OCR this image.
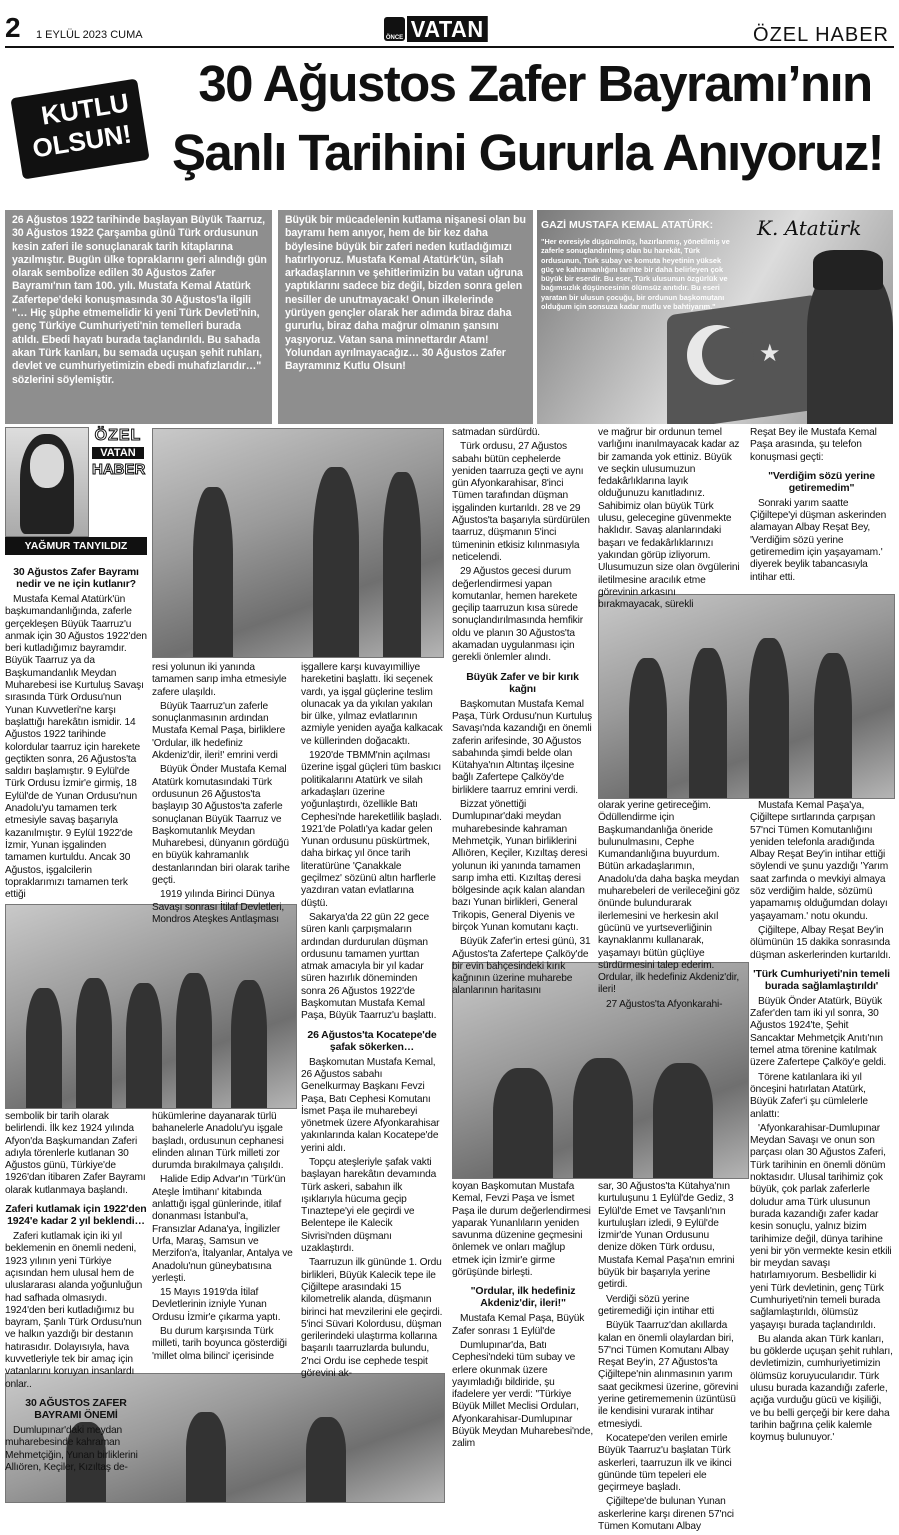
2 1 EYLÜL 2023 CUMA	ÖNCE VATAN	ÖZEL HABER
KUTLU
OLSUN!
30 Ağustos Zafer Bayramı’nın
Şanlı Tarihini Gururla Anıyoruz!
26 Ağustos 1922 tarihinde başlayan Büyük Taarruz, 30 Ağustos 1922 Çarşamba günü Türk ordusunun kesin zaferi ile sonuçlanarak tarih kitaplarına yazılmıştır. Bugün ülke topraklarını geri alındığı gün olarak sembolize edilen 30 Ağustos Zafer Bayramı'nın tam 100. yılı. Mustafa Kemal Atatürk Zafertepe'deki konuşmasında 30 Ağustos'la ilgili "… Hiç şüphe etmemelidir ki yeni Türk Devleti'nin, genç Türkiye Cumhuriyeti'nin temelleri burada atıldı. Ebedi hayatı burada taçlandırıldı. Bu sahada akan Türk kanları, bu semada uçuşan şehit ruhları, devlet ve cumhuriyetimizin ebedi muhafızlarıdır…" sözlerini söylemiştir.
Büyük bir mücadelenin kutlama nişanesi olan bu bayramı hem anıyor, hem de bir kez daha böylesine büyük bir zaferi neden kutladığımızı hatırlıyoruz. Mustafa Kemal Atatürk'ün, silah arkadaşlarının ve şehitlerimizin bu vatan uğruna yaptıklarını sadece biz değil, bizden sonra gelen nesiller de unutmayacak! Onun ilkelerinde yürüyen gençler olarak her adımda biraz daha gururlu, biraz daha mağrur olmanın şansını yaşıyoruz. Vatan sana minnettardır Atam! Yolundan ayrılmayacağız… 30 Ağustos Zafer Bayramınız Kutlu Olsun!
GAZİ MUSTAFA KEMAL ATATÜRK: K. Atatürk
"Her evresiyle düşünülmüş, hazırlanmış, yönetilmiş ve zaferle sonuçlandırılmış olan bu harekât, Türk ordusunun, Türk subay ve komuta heyetinin yüksek güç ve kahramanlığını tarihte bir daha belirleyen çok büyük bir eserdir. Bu eser, Türk ulusunun özgürlük ve bağımsızlık düşüncesinin ölümsüz anıtıdır. Bu eseri yaratan bir ulusun çocuğu, bir ordunun başkomutanı olduğum için sonsuza kadar mutlu ve bahtiyarım."
★
ÖZEL
VATAN
HABER
YAĞMUR TANYILDIZ
30 Ağustos Zafer Bayramı nedir ve ne için kutlanır?

Mustafa Kemal Atatürk'ün başkumandanlığında, zaferle gerçekleşen Büyük Taarruz'u anmak için 30 Ağustos 1922'den beri kutladığımız bayramdır. Büyük Taarruz ya da Başkumandanlık Meydan Muharebesi ise Kurtuluş Savaşı sırasında Türk Ordusu'nun Yunan Kuvvetleri'ne karşı başlattığı harekâtın ismidir. 14 Ağustos 1922 tarihinde kolordular taarruz için harekete geçtikten sonra, 26 Ağustos'ta saldırı başlamıştır. 9 Eylül'de Türk Ordusu İzmir'e girmiş, 18 Eylül'de de Yunan Ordusu'nun Anadolu'yu tamamen terk etmesiyle savaş başarıyla kazanılmıştır. 9 Eylül 1922'de İzmir, Yunan işgalinden tamamen kurtuldu. Ancak 30 Ağustos, işgalcilerin topraklarımızı tamamen terk ettiği

sembolik bir tarih olarak belirlendi. İlk kez 1924 yılında Afyon'da Başkumandan Zaferi adıyla törenlerle kutlanan 30 Ağustos günü, Türkiye'de 1926'dan itibaren Zafer Bayramı olarak kutlanmaya başlandı.

Zaferi kutlamak için 1922'den 1924'e kadar 2 yıl beklendi…

Zaferi kutlamak için iki yıl beklemenin en önemli nedeni, 1923 yılının yeni Türkiye açısından hem ulusal hem de uluslararası alanda yoğunluğun had safhada olmasıydı. 1924'den beri kutladığımız bu bayram, Şanlı Türk Ordusu'nun ve halkın yazdığı bir destanın hatırasıdır. Dolayısıyla, hava kuvvetleriyle tek bir amaç için vatanlarını koruyan insanlardı onlar..

30 AĞUSTOS ZAFER BAYRAMI ÖNEMİ

Dumlupınar'daki meydan muharebesinde kahraman Mehmetçiğin, Yunan birliklerini Allıören, Keçiler, Kızıltaş de-

resi yolunun iki yanında tamamen sarıp imha etmesiyle zafere ulaşıldı.

Büyük Taarruz'un zaferle sonuçlanmasının ardından Mustafa Kemal Paşa, birliklere 'Ordular, ilk hedefiniz Akdeniz'dir, ileri!' emrini verdi

Büyük Önder Mustafa Kemal Atatürk komutasındaki Türk ordusunun 26 Ağustos'ta başlayıp 30 Ağustos'ta zaferle sonuçlanan Büyük Taarruz ve Başkomutanlık Meydan Muharebesi, dünyanın gördüğü en büyük kahramanlık destanlarından biri olarak tarihe geçti.

1919 yılında Birinci Dünya Savaşı sonrası İtilaf Devletleri, Mondros Ateşkes Antlaşması

hükümlerine dayanarak türlü bahanelerle Anadolu'yu işgale başladı, ordusunun cephanesi elinden alınan Türk milleti zor durumda bırakılmaya çalışıldı.

Halide Edip Advar'ın 'Türk'ün Ateşle İmtihanı' kitabında anlattığı işgal günlerinde, itilaf donanması İstanbul'a, Fransızlar Adana'ya, İngilizler Urfa, Maraş, Samsun ve Merzifon'a, İtalyanlar, Antalya ve Anadolu'nun güneybatısına yerleşti.

15 Mayıs 1919'da İtilaf Devletlerinin izniyle Yunan Ordusu İzmir'e çıkarma yaptı.

Bu durum karşısında Türk milleti, tarih boyunca gösterdiği 'millet olma bilinci' içerisinde

işgallere karşı kuvayımilliye hareketini başlattı. İki seçenek vardı, ya işgal güçlerine teslim olunacak ya da yıkılan yakılan bir ülke, yılmaz evlatlarının azmiyle yeniden ayağa kalkacak ve küllerinden doğacaktı.

1920'de TBMM'nin açılması üzerine işgal güçleri tüm baskıcı politikalarını Atatürk ve silah arkadaşları üzerine yoğunlaştırdı, özellikle Batı Cephesi'nde hareketlilik başladı. 1921'de Polatlı'ya kadar gelen Yunan ordusunu püskürtmek, daha birkaç yıl önce tarih literatürüne 'Çanakkale geçilmez' sözünü altın harflerle yazdıran vatan evlatlarına düştü.

Sakarya'da 22 gün 22 gece süren kanlı çarpışmaların ardından durdurulan düşman ordusunu tamamen yurttan atmak amacıyla bir yıl kadar süren hazırlık döneminden sonra 26 Ağustos 1922'de Başkomutan Mustafa Kemal Paşa, Büyük Taarruz'u başlattı.

26 Ağustos'ta Kocatepe'de şafak sökerken…

Başkomutan Mustafa Kemal, 26 Ağustos sabahı Genelkurmay Başkanı Fevzi Paşa, Batı Cephesi Komutanı İsmet Paşa ile muharebeyi yönetmek üzere Afyonkarahisar yakınlarında kalan Kocatepe'de yerini aldı.

Topçu ateşleriyle şafak vakti başlayan harekâtın devamında Türk askeri, sabahın ilk ışıklarıyla hücuma geçip Tınaztepe'yi ele geçirdi ve Belentepe ile Kalecik Sivrisi'nden düşmanı uzaklaştırdı.

Taarruzun ilk gününde 1. Ordu birlikleri, Büyük Kalecik tepe ile Çiğiltepe arasındaki 15 kilometrelik alanda, düşmanın birinci hat mevzilerini ele geçirdi. 5'inci Süvari Kolordusu, düşman gerilerindeki ulaştırma kollarına başarılı taarruzlarda bulundu, 2'nci Ordu ise cephede tespit görevini ak-

satmadan sürdürdü.

Türk ordusu, 27 Ağustos sabahı bütün cephelerde yeniden taarruza geçti ve aynı gün Afyonkarahisar, 8'inci Tümen tarafından düşman işgalinden kurtarıldı. 28 ve 29 Ağustos'ta başarıyla sürdürülen taarruz, düşmanın 5'inci tümeninin etkisiz kılınmasıyla neticelendi.

29 Ağustos gecesi durum değerlendirmesi yapan komutanlar, hemen harekete geçilip taarruzun kısa sürede sonuçlandırılmasında hemfikir oldu ve planın 30 Ağustos'ta akamadan uygulanması için gerekli önlemler alındı.

Büyük Zafer ve bir kırık kağnı

Başkomutan Mustafa Kemal Paşa, Türk Ordusu'nun Kurtuluş Savaşı'nda kazandığı en önemli zaferin arifesinde, 30 Ağustos sabahında şimdi belde olan Kütahya'nın Altıntaş ilçesine bağlı Zafertepe Çalköy'de birliklere taarruz emrini verdi.

Bizzat yönettiği Dumlupınar'daki meydan muharebesinde kahraman Mehmetçik, Yunan birliklerini Allıören, Keçiler, Kızıltaş deresi yolunun iki yanında tamamen sarıp imha etti. Kızıltaş deresi bölgesinde açık kalan alandan bazı Yunan birlikleri, General Trikopis, General Diyenis ve birçok Yunan komutanı kaçtı.

Büyük Zafer'in ertesi günü, 31 Ağustos'ta Zafertepe Çalköy'de bir evin bahçesindeki kırık kağnının üzerine muharebe alanlarının haritasını

koyan Başkomutan Mustafa Kemal, Fevzi Paşa ve İsmet Paşa ile durum değerlendirmesi yaparak Yunanlıların yeniden savunma düzenine geçmesini önlemek ve onları mağlup etmek için İzmir'e girme görüşünde birleşti.

"Ordular, ilk hedefiniz Akdeniz'dir, ileri!"

Mustafa Kemal Paşa, Büyük Zafer sonrası 1 Eylül'de

Dumlupınar'da, Batı Cephesi'ndeki tüm subay ve erlere okunmak üzere yayımladığı bildiride, şu ifadelere yer verdi: "Türkiye Büyük Millet Meclisi Orduları, Afyonkarahisar-Dumlupınar Büyük Meydan Muharebesi'nde, zalim

ve mağrur bir ordunun temel varlığını inanılmayacak kadar az bir zamanda yok ettiniz. Büyük ve seçkin ulusumuzun fedakârlıklarına layık olduğunuzu kanıtladınız. Sahibimiz olan büyük Türk ulusu, gelecegine güvenmekte haklıdır. Savaş alanlarındaki başarı ve fedakârlıklarınızı yakından görüp izliyorum. Ulusumuzun size olan övgülerini iletilmesine aracılık etme görevinin arkasını bırakmayacak, sürekli

olarak yerine getireceğim. Ödüllendirme için Başkumandanlığa öneride bulunulmasını, Cephe Kumandanlığına buyurdum. Bütün arkadaşlarımın, Anadolu'da daha başka meydan muharebeleri de verileceğini göz önünde bulundurarak ilerlemesini ve herkesin akıl gücünü ve yurtseverliğinin kaynaklanmı kullanarak, yaşamayı bütün güçlüye sürdürmesini talep ederim. Ordular, ilk hedefiniz Akdeniz'dir, ileri!

27 Ağustos'ta Afyonkarahi-

sar, 30 Ağustos'ta Kütahya'nın kurtuluşunu 1 Eylül'de Gediz, 3 Eylül'de Emet ve Tavşanlı'nın kurtuluşları izledi, 9 Eylül'de İzmir'de Yunan Ordusunu denize döken Türk ordusu, Mustafa Kemal Paşa'nın emrini büyük bir başarıyla yerine getirdi.

Verdiği sözü yerine getiremediği için intihar etti

Büyük Taarruz'dan akıllarda kalan en önemli olaylardan biri, 57'nci Tümen Komutanı Albay Reşat Bey'in, 27 Ağustos'ta Çiğiltepe'nin alınmasının yarım saat gecikmesi üzerine, görevini yerine getirememenin üzüntüsü ile kendisini vurarak intihar etmesiydi.

Kocatepe'den verilen emirle Büyük Taarruz'u başlatan Türk askerleri, taarruzun ilk ve ikinci gününde tüm tepeleri ele geçirmeye başladı.

Çiğiltepe'de bulunan Yunan askerlerine karşı direnen 57'nci Tümen Komutanı Albay

Reşat Bey ile Mustafa Kemal Paşa arasında, şu telefon konuşmasi geçti:

"Verdiğim sözü yerine getiremedim"

Sonraki yarım saatte Çiğiltepe'yi düşman askerinden alamayan Albay Reşat Bey, 'Verdiğim sözü yerine getiremedim için yaşayamam.' diyerek beylik tabancasıyla intihar etti.

Mustafa Kemal Paşa'ya, Çiğiltepe sırtlarında çarpışan 57'nci Tümen Komutanlığını yeniden telefonla aradığında Albay Reşat Bey'in intihar ettiği söylendi ve şunu yazdığı 'Yarım saat zarfında o mevkiyi almaya söz verdiğim halde, sözümü yapamamış olduğumdan dolayı yaşayamam.' notu okundu.

Çiğiltepe, Albay Reşat Bey'in ölümünün 15 dakika sonrasında düşman askerlerinden kurtarıldı.

'Türk Cumhuriyeti'nin temeli burada sağlamlaştırıldı'

Büyük Önder Atatürk, Büyük Zafer'den tam iki yıl sonra, 30 Ağustos 1924'te, Şehit Sancaktar Mehmetçik Anıtı'nın temel atma törenine katılmak üzere Zafertepe Çalköy'e geldi.

Törene katılanlara iki yıl önceşini hatırlatan Atatürk, Büyük Zafer'i şu cümlelerle anlattı:

'Afyonkarahisar-Dumlupınar Meydan Savaşı ve onun son parçası olan 30 Ağustos Zaferi, Türk tarihinin en önemli dönüm noktasıdır. Ulusal tarihimiz çok büyük, çok parlak zaferlerle doludur ama Türk ulusunun burada kazandığı zafer kadar kesin sonuçlu, yalnız bizim tarihimize değil, dünya tarihine yeni bir yön vermekte kesin etkili bir meydan savaşı hatırlamıyorum. Besbellidir ki yeni Türk devletinin, genç Türk Cumhuriyeti'nin temeli burada sağlamlaştırıldı, ölümsüz yaşayışı burada taçlandırıldı.

Bu alanda akan Türk kanları, bu göklerde uçuşan şehit ruhları, devletimizin, cumhuriyetimizin ölümsüz koruyucularıdır. Türk ulusu burada kazandığı zaferle, açığa vurduğu gücü ve kişiliği, ve bu belli gerçeği bir kere daha tarihin bağrına çelik kalemle koymuş bulunuyor.'
